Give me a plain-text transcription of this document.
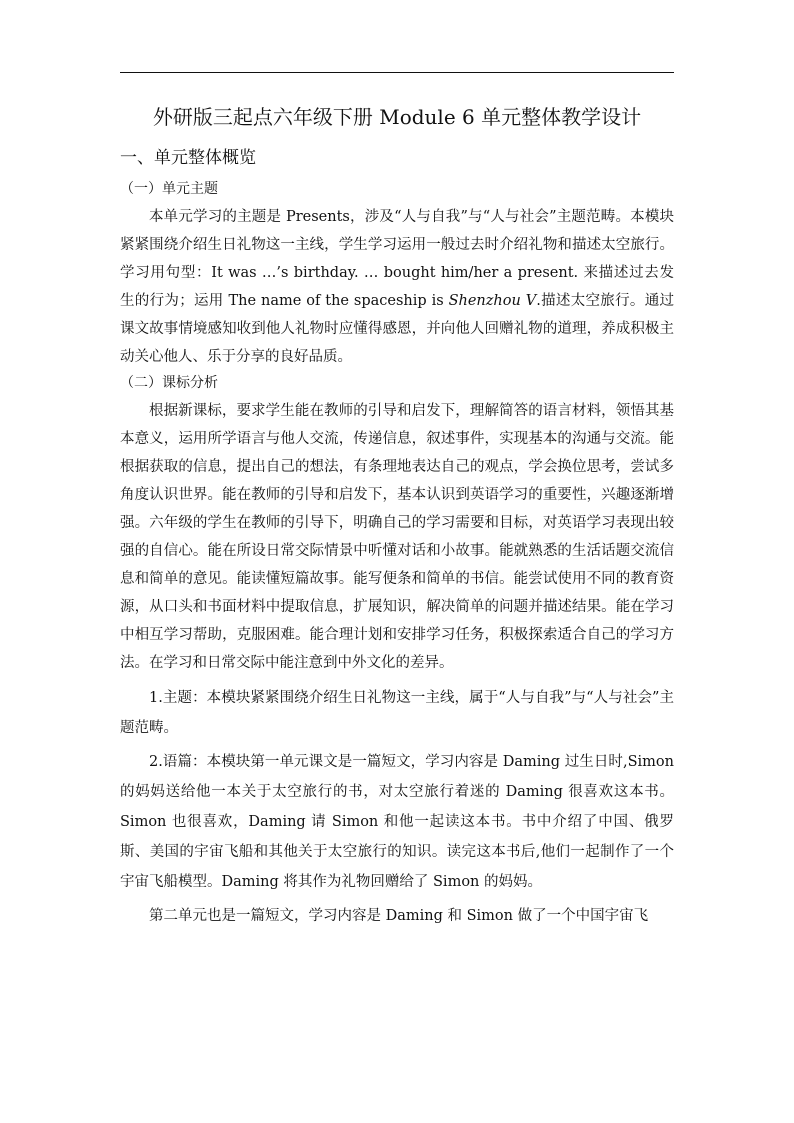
外研版三起点六年级下册 Module 6 单元整体教学设计
一、单元整体概览
（一）单元主题

本单元学习的主题是 Presents，涉及“人与自我”与“人与社会”主题范畴。本模块紧紧围绕介绍生日礼物这一主线，学生学习运用一般过去时介绍礼物和描述太空旅行。学习用句型：It was …’s birthday. … bought him/her a present. 来描述过去发生的行为；运用 The name of the spaceship is Shenzhou V.描述太空旅行。通过课文故事情境感知收到他人礼物时应懂得感恩，并向他人回赠礼物的道理，养成积极主动关心他人、乐于分享的良好品质。

（二）课标分析

根据新课标，要求学生能在教师的引导和启发下，理解简答的语言材料，领悟其基本意义，运用所学语言与他人交流，传递信息，叙述事件，实现基本的沟通与交流。能根据获取的信息，提出自己的想法，有条理地表达自己的观点，学会换位思考，尝试多角度认识世界。能在教师的引导和启发下，基本认识到英语学习的重要性，兴趣逐渐增强。六年级的学生在教师的引导下，明确自己的学习需要和目标，对英语学习表现出较强的自信心。能在所设日常交际情景中听懂对话和小故事。能就熟悉的生活话题交流信息和简单的意见。能读懂短篇故事。能写便条和简单的书信。能尝试使用不同的教育资源，从口头和书面材料中提取信息，扩展知识，解决简单的问题并描述结果。能在学习中相互学习帮助，克服困难。能合理计划和安排学习任务，积极探索适合自己的学习方法。在学习和日常交际中能注意到中外文化的差异。

1.主题：本模块紧紧围绕介绍生日礼物这一主线，属于“人与自我”与“人与社会”主题范畴。

2.语篇：本模块第一单元课文是一篇短文，学习内容是 Daming 过生日时,Simon 的妈妈送给他一本关于太空旅行的书，对太空旅行着迷的 Daming 很喜欢这本书。Simon 也很喜欢，Daming 请 Simon 和他一起读这本书。书中介绍了中国、俄罗斯、美国的宇宙飞船和其他关于太空旅行的知识。读完这本书后,他们一起制作了一个宇宙飞船模型。Daming 将其作为礼物回赠给了 Simon 的妈妈。

第二单元也是一篇短文，学习内容是 Daming 和 Simon 做了一个中国宇宙飞
